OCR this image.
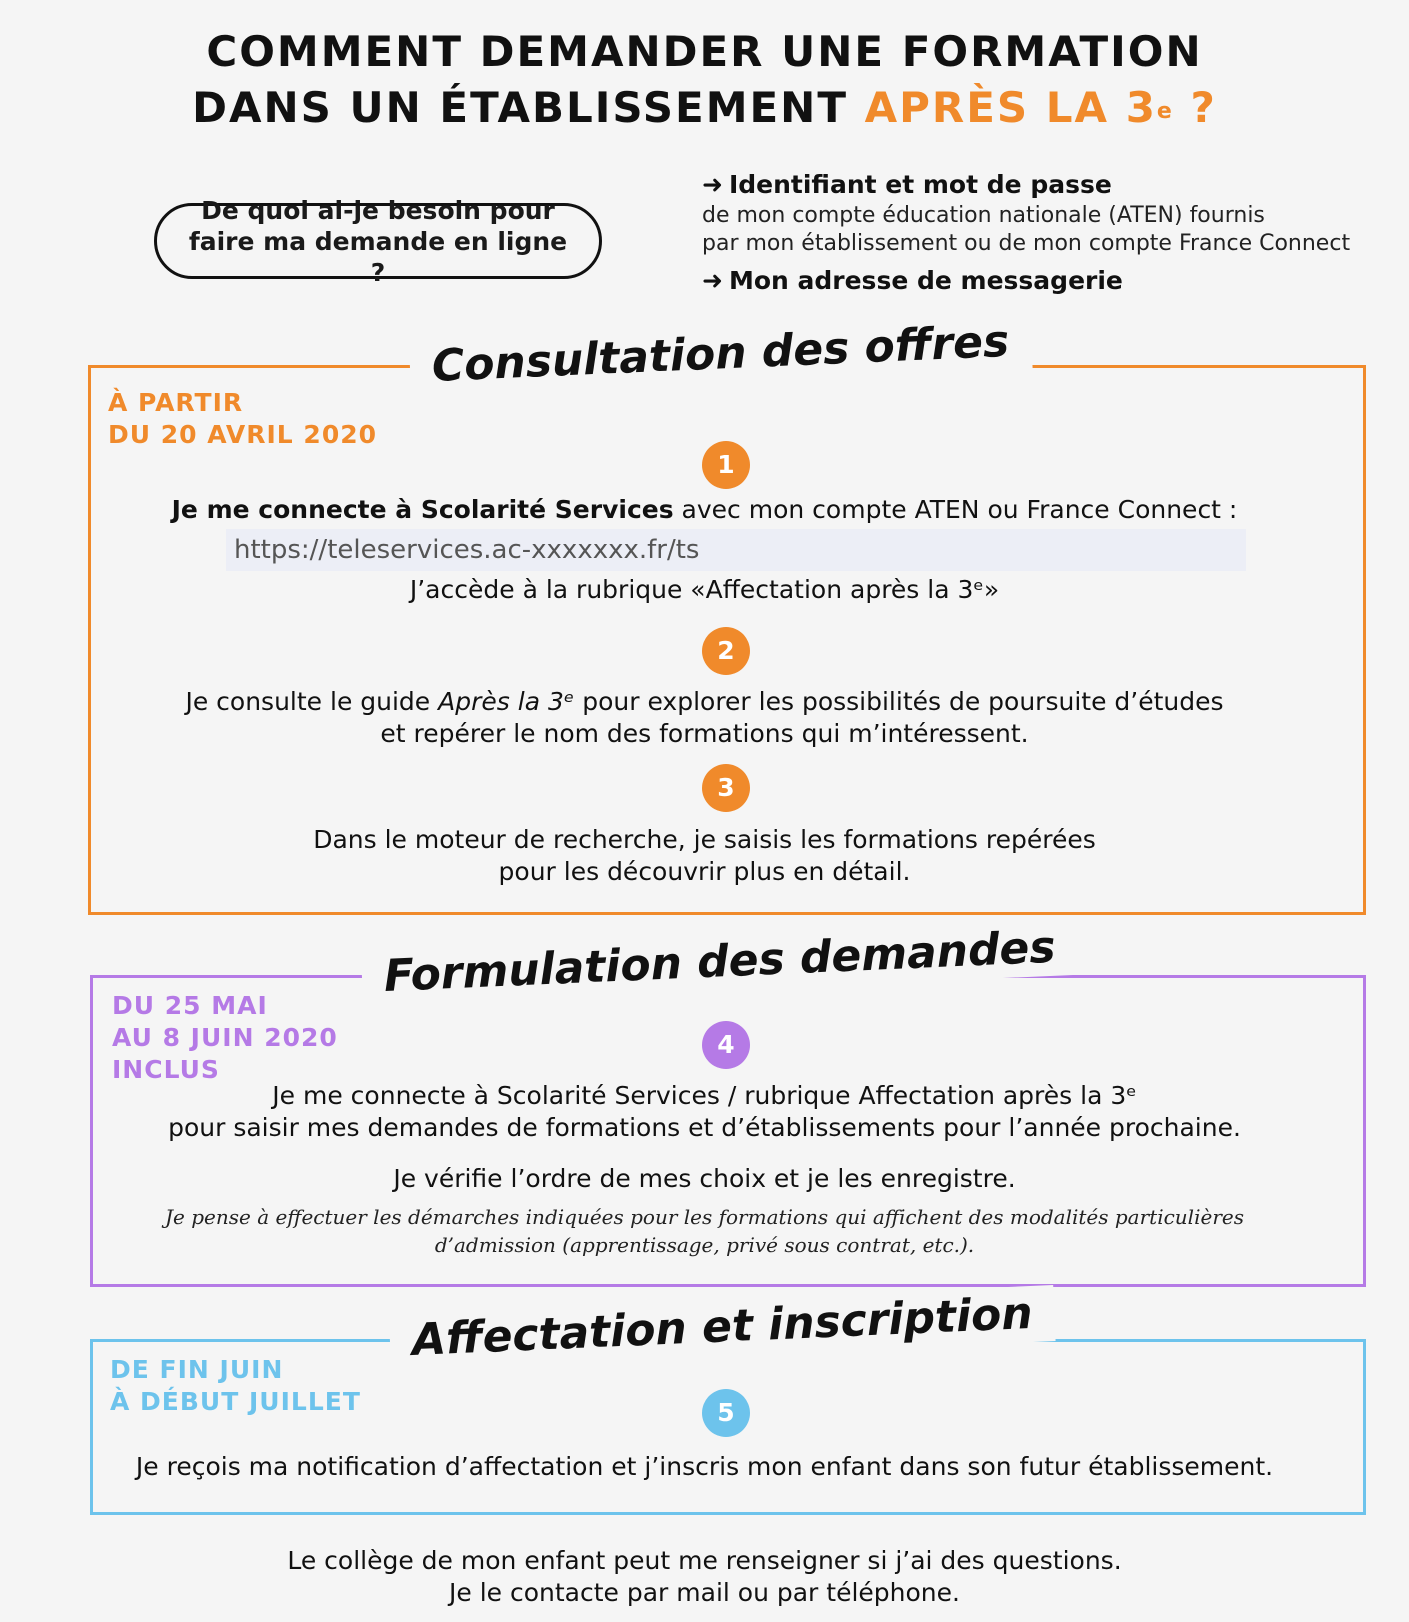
COMMENT DEMANDER UNE FORMATION
DANS UN ÉTABLISSEMENT APRÈS LA 3e ?
De quoi ai-je besoin pour faire ma demande en ligne ?
➜ Identifiant et mot de passe
de mon compte éducation nationale (ATEN) fournis
par mon établissement ou de mon compte France Connect
➜ Mon adresse de messagerie
Consultation des offres
À PARTIR
DU 20 AVRIL 2020
1
Je me connecte à Scolarité Services avec mon compte ATEN ou France Connect :
https://teleservices.ac-xxxxxxx.fr/ts
J’accède à la rubrique «Affectation après la 3ᵉ»
2
Je consulte le guide Après la 3ᵉ pour explorer les possibilités de poursuite d’études
et repérer le nom des formations qui m’intéressent.
3
Dans le moteur de recherche, je saisis les formations repérées
pour les découvrir plus en détail.
Formulation des demandes
DU 25 MAI
AU 8 JUIN 2020
INCLUS
4
Je me connecte à Scolarité Services / rubrique Affectation après la 3ᵉ
pour saisir mes demandes de formations et d’établissements pour l’année prochaine.
Je vérifie l’ordre de mes choix et je les enregistre.
Je pense à effectuer les démarches indiquées pour les formations qui affichent des modalités particulières
d’admission (apprentissage, privé sous contrat, etc.).
Affectation et inscription
DE FIN JUIN
À DÉBUT JUILLET	5
Je reçois ma notification d’affectation et j’inscris mon enfant dans son futur établissement.
Le collège de mon enfant peut me renseigner si j’ai des questions.
Je le contacte par mail ou par téléphone.
